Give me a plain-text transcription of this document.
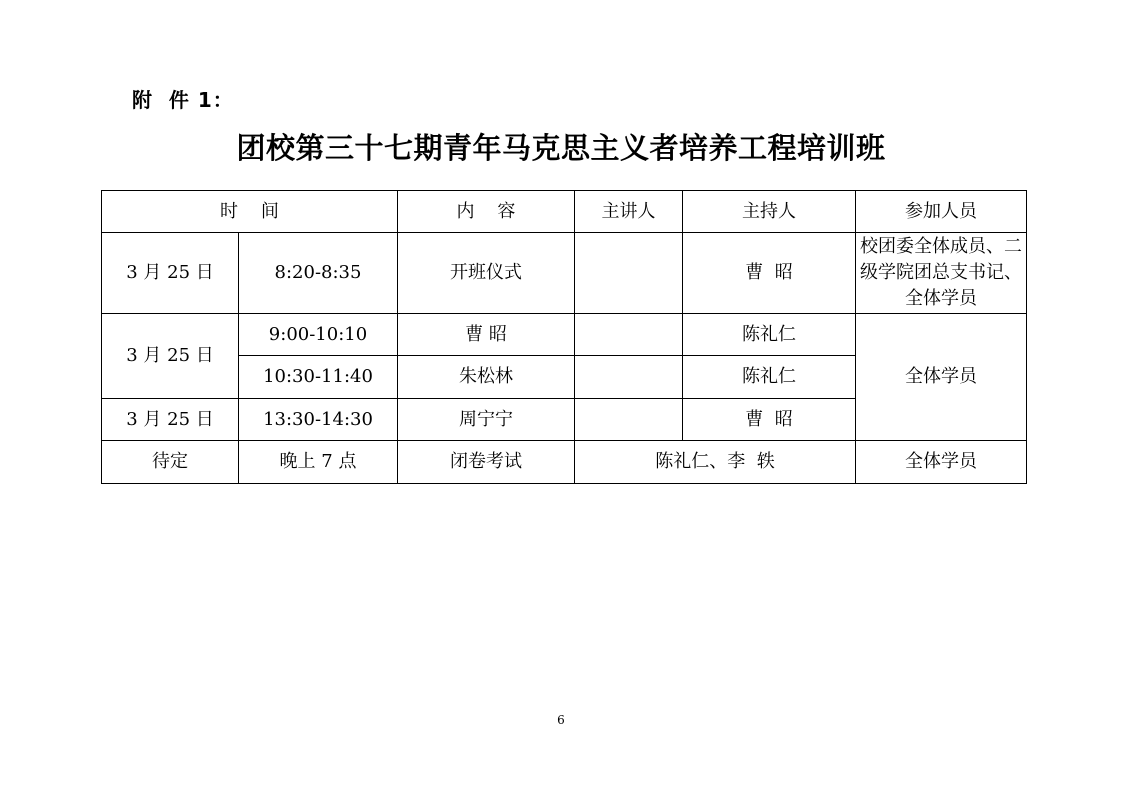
附  件 1：
团校第三十七期青年马克思主义者培养工程培训班
时    间		内    容	主讲人	主持人	参加人员
3 月 25 日	8:20-8:35	开班仪式		曹  昭	校团委全体成员、二级学院团总支书记、全体学员
3 月 25 日	9:00-10:10	曹 昭		陈礼仁	全体学员
	10:30-11:40	朱松林		陈礼仁	
3 月 25 日	13:30-14:30	周宁宁		曹  昭	
待定	晚上 7 点	闭卷考试	陈礼仁、李  轶		全体学员
6
